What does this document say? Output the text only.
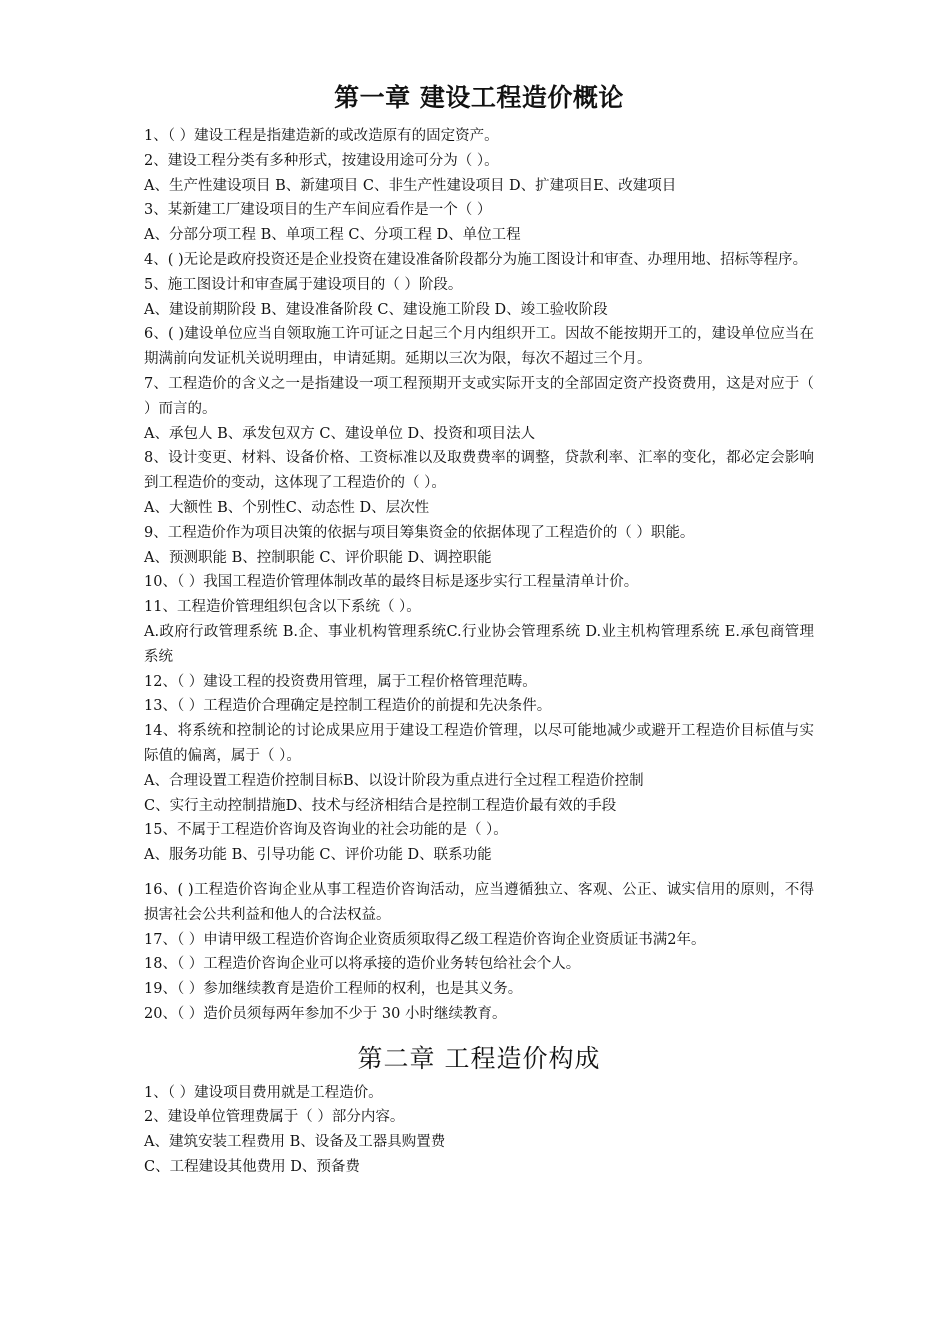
第一章 建设工程造价概论

1、（ ）建设工程是指建造新的或改造原有的固定资产。

2、建设工程分类有多种形式，按建设用途可分为（ ）。

A、生产性建设项目 B、新建项目 C、非生产性建设项目 D、扩建项目E、改建项目

3、某新建工厂建设项目的生产车间应看作是一个（ ）

A、分部分项工程 B、单项工程 C、分项工程 D、单位工程

4、( )无论是政府投资还是企业投资在建设准备阶段都分为施工图设计和审查、办理用地、招标等程序。

5、施工图设计和审查属于建设项目的（ ）阶段。

A、建设前期阶段 B、建设准备阶段 C、建设施工阶段 D、竣工验收阶段

6、( )建设单位应当自领取施工许可证之日起三个月内组织开工。因故不能按期开工的，建设单位应当在期满前向发证机关说明理由，申请延期。延期以三次为限，每次不超过三个月。

7、工程造价的含义之一是指建设一项工程预期开支或实际开支的全部固定资产投资费用，这是对应于（ ）而言的。

A、承包人 B、承发包双方 C、建设单位 D、投资和项目法人

8、设计变更、材料、设备价格、工资标准以及取费费率的调整，贷款利率、汇率的变化，都必定会影响到工程造价的变动，这体现了工程造价的（ ）。

A、大额性 B、个别性C、动态性 D、层次性

9、工程造价作为项目决策的依据与项目筹集资金的依据体现了工程造价的（ ）职能。

A、预测职能 B、控制职能 C、评价职能 D、调控职能

10、（ ）我国工程造价管理体制改革的最终目标是逐步实行工程量清单计价。

11、工程造价管理组织包含以下系统（ ）。

A.政府行政管理系统 B.企、事业机构管理系统C.行业协会管理系统 D.业主机构管理系统 E.承包商管理系统

12、（ ）建设工程的投资费用管理，属于工程价格管理范畴。

13、（ ）工程造价合理确定是控制工程造价的前提和先决条件。

14、将系统和控制论的讨论成果应用于建设工程造价管理，以尽可能地减少或避开工程造价目标值与实际值的偏离，属于（ ）。

A、合理设置工程造价控制目标B、以设计阶段为重点进行全过程工程造价控制

C、实行主动控制措施D、技术与经济相结合是控制工程造价最有效的手段

15、不属于工程造价咨询及咨询业的社会功能的是（ ）。

A、服务功能 B、引导功能 C、评价功能 D、联系功能

16、( )工程造价咨询企业从事工程造价咨询活动，应当遵循独立、客观、公正、诚实信用的原则，不得损害社会公共利益和他人的合法权益。

17、（ ）申请甲级工程造价咨询企业资质须取得乙级工程造价咨询企业资质证书满2年。

18、（ ）工程造价咨询企业可以将承接的造价业务转包给社会个人。

19、（ ）参加继续教育是造价工程师的权利，也是其义务。

20、（ ）造价员须每两年参加不少于 30 小时继续教育。

第二章 工程造价构成

1、（ ）建设项目费用就是工程造价。

2、建设单位管理费属于（ ）部分内容。

A、建筑安装工程费用 B、设备及工器具购置费

C、工程建设其他费用 D、预备费
